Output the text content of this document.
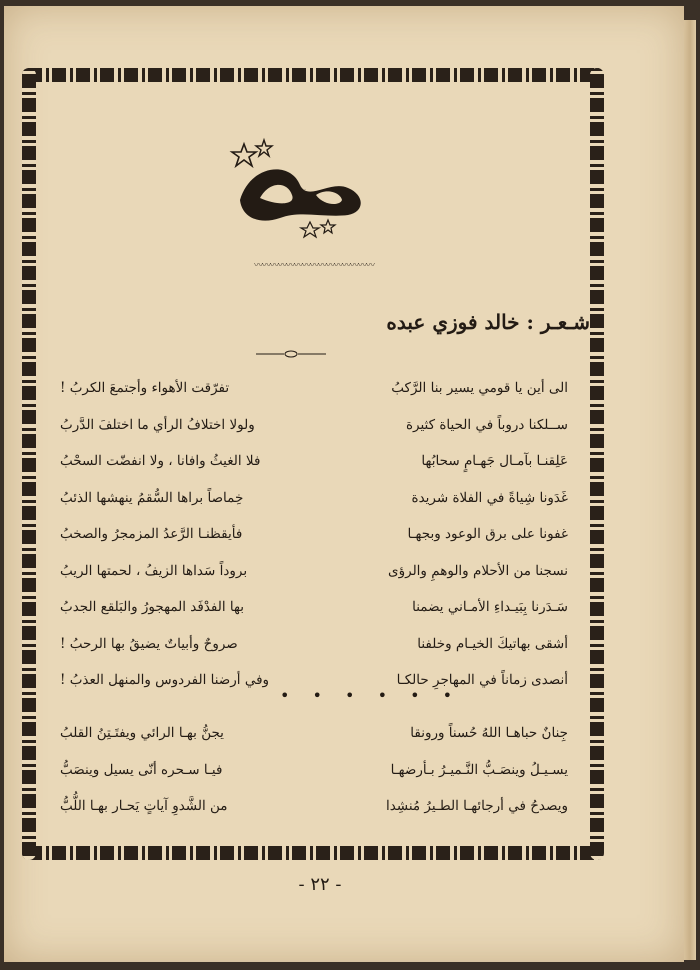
صبوة
〰〰〰〰〰〰〰〰〰〰〰〰〰〰〰
شـعـر : خالد فوزي عبده
الى أين يا قومي يسير بنا الرَّكبُ
تفرّقت الأهواء وأجتمعَ الكربُ !
ســلكنا دروباً في الحياة كثيرة
ولولا اختلافُ الرأي ما اختلفَ الدَّربُ
عَلِقنـا بآمـال جَهـامٍ سحابُها
فلا الغيثُ وافانا ، ولا انفضّت السحْبُ
غَدَونا شِياةً في الفلاة شريدة
خِماصاً براها السُّقمُ ينهشها الذئبُ
غفونا على برق الوعود وبجهـا
فأيقظنـا الرَّعدُ المزمجرُ والصخبُ
نسجنا من الأحلام والوهمِ والرؤى
بروداً سَداها الزيفُ ، لحمتها الريبُ
سَـدَرنا بِبَيـداءِ الأمـاني يضمنا
بها الفدْفَد المهجورُ والبَلقع الجدبُ
أشقى بهاتيكَ الخيـام وخلفنا
صروحٌ وأبياتٌ يضيقُ بها الرحبُ !
أنصدى زماناً في المهاجرِ حالكـا
وفي أرضنا الفردوس والمنهل العذبُ !
• • • • • •
جِنانٌ حباهـا اللهُ حُسناً ورونقا
يجنُّ بهـا الرائي ويفتَـتِنُ القلبُ
يسـيـلُ وينصَـبُّ النَّـميـرُ بـأرضهـا
فيـا سـحره أنّى يسيل وينصَبُّ
ويصدحُ في أرجائهـا الطـيرُ مُنشِدا
من الشَّدوِ آياتٍ يَحـار بهـا اللُّبُّ
- ٢٢ -
